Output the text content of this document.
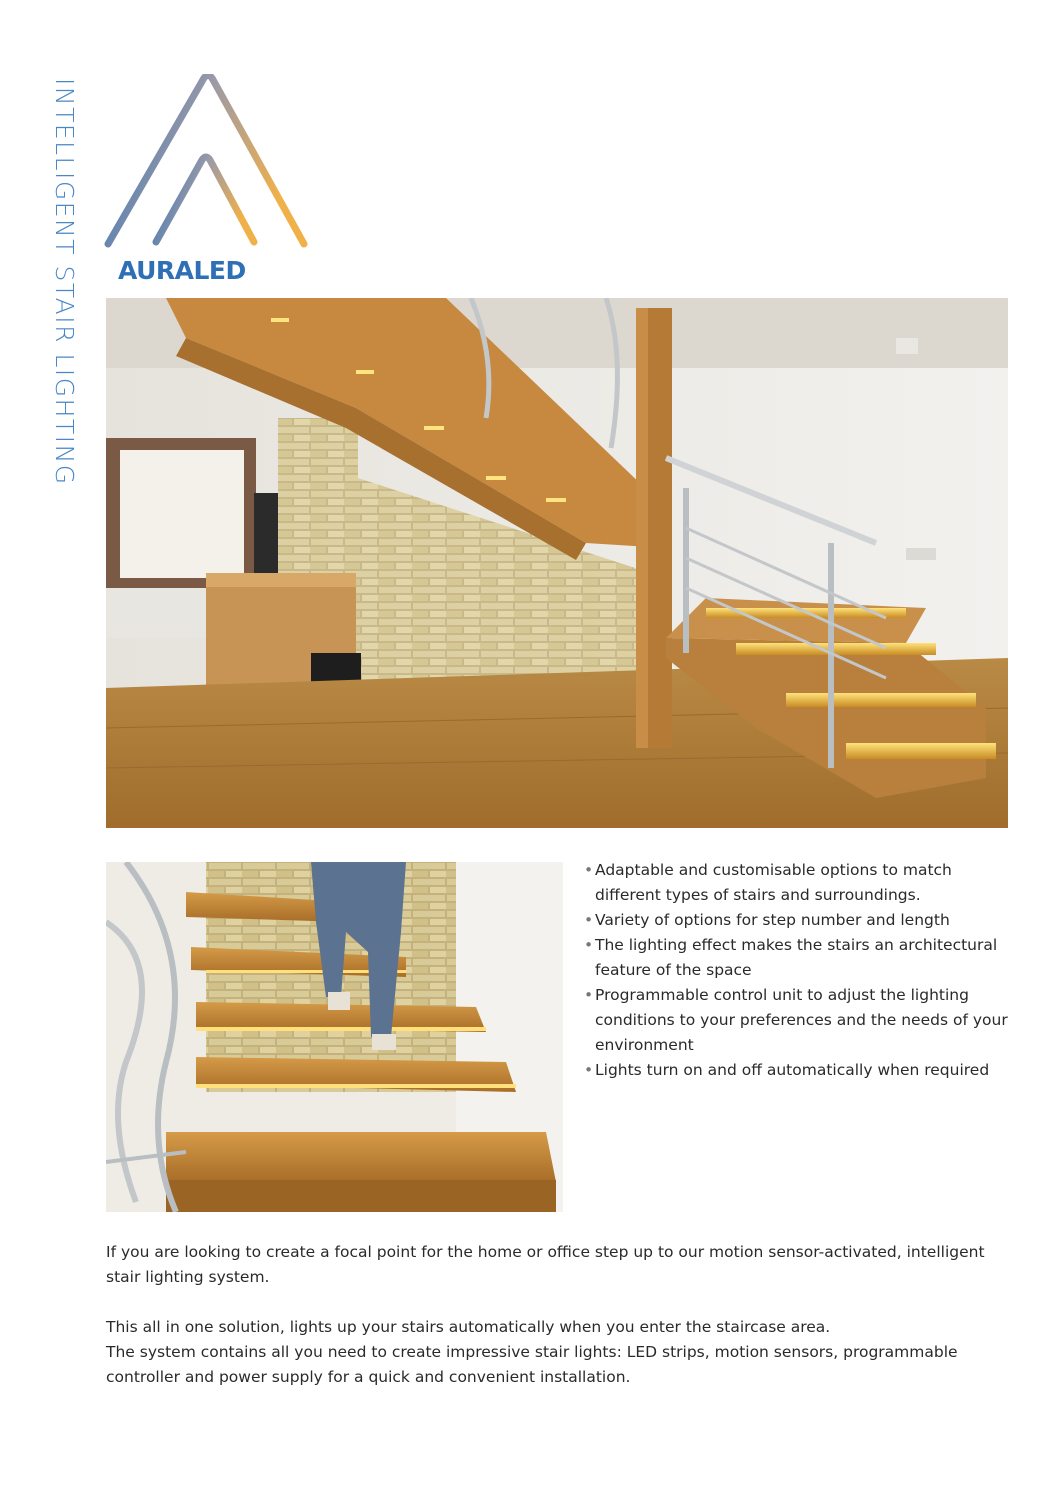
INTELLIGENT STAIR LIGHTING AURALED
• Adaptable and customisable options to match different types of stairs and surroundings.
• Variety of options for step number and length
• The lighting effect makes the stairs an architectural feature of the space
• Programmable control unit to adjust the lighting conditions to your preferences and the needs of your environment
• Lights turn on and off automatically when required

If you are looking to create a focal point for the home or office step up to our motion sensor-activated, intelligent stair lighting system.

This all in one solution, lights up your stairs automatically when you enter the staircase area.
The system contains all you need to create impressive stair lights: LED strips, motion sensors, programmable controller and power supply for a quick and convenient installation.
